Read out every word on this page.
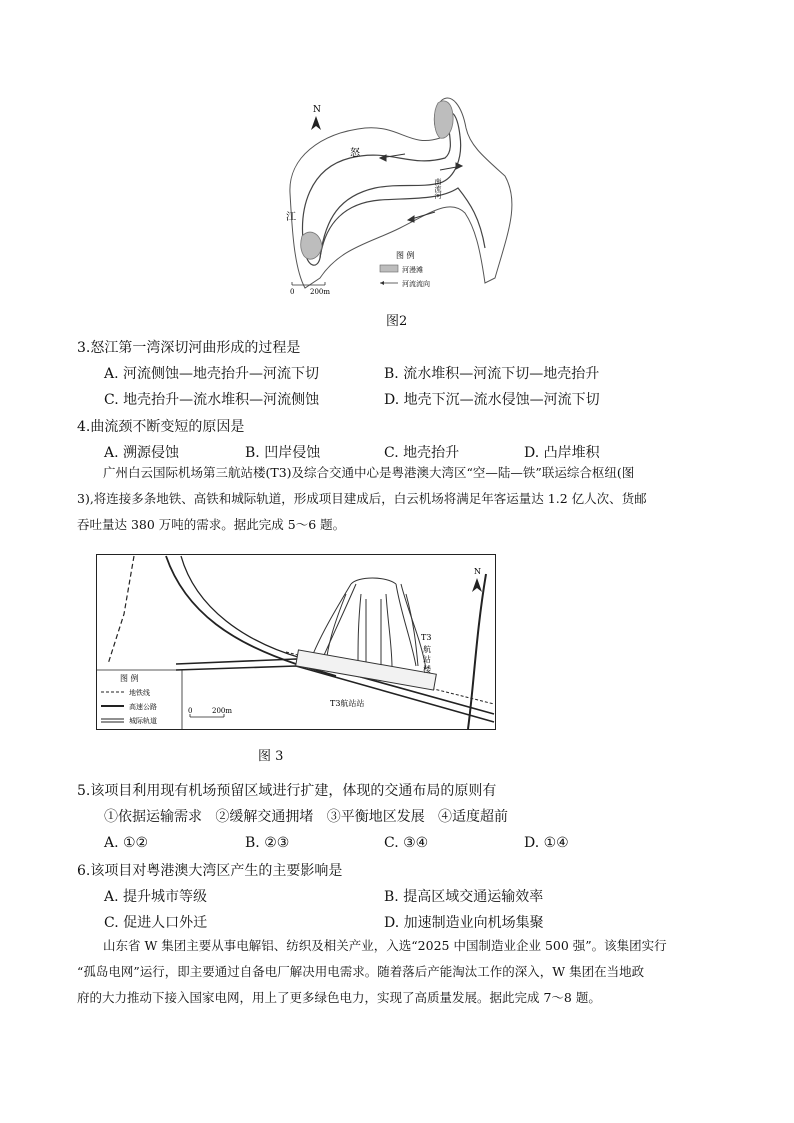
N
怒
江
南流河
图 例
河漫滩
河流流向
0 200m
图2
3.怒江第一湾深切河曲形成的过程是
A. 河流侧蚀—地壳抬升—河流下切	B. 流水堆积—河流下切—地壳抬升
C. 地壳抬升—流水堆积—河流侧蚀	D. 地壳下沉—流水侵蚀—河流下切
4.曲流颈不断变短的原因是
A. 溯源侵蚀	B. 凹岸侵蚀	C. 地壳抬升	D. 凸岸堆积
广州白云国际机场第三航站楼(T3)及综合交通中心是粤港澳大湾区“空—陆—铁”联运综合枢纽(图
3),将连接多条地铁、高铁和城际轨道，形成项目建成后，白云机场将满足年客运量达 1.2 亿人次、货邮
吞吐量达 380 万吨的需求。据此完成 5～6 题。
N
T3
航
站
楼
T3航站站
图 例
地铁线
高速公路
城际轨道
0	200m
图 3
5.该项目利用现有机场预留区域进行扩建，体现的交通布局的原则有
①依据运输需求   ②缓解交通拥堵   ③平衡地区发展   ④适度超前
A. ①②	B. ②③	C. ③④	D. ①④
6.该项目对粤港澳大湾区产生的主要影响是
A. 提升城市等级	B. 提高区域交通运输效率
C. 促进人口外迁	D. 加速制造业向机场集聚
山东省 W 集团主要从事电解铝、纺织及相关产业，入选“2025 中国制造业企业 500 强”。该集团实行
“孤岛电网”运行，即主要通过自备电厂解决用电需求。随着落后产能淘汰工作的深入，W 集团在当地政
府的大力推动下接入国家电网，用上了更多绿色电力，实现了高质量发展。据此完成 7～8 题。
